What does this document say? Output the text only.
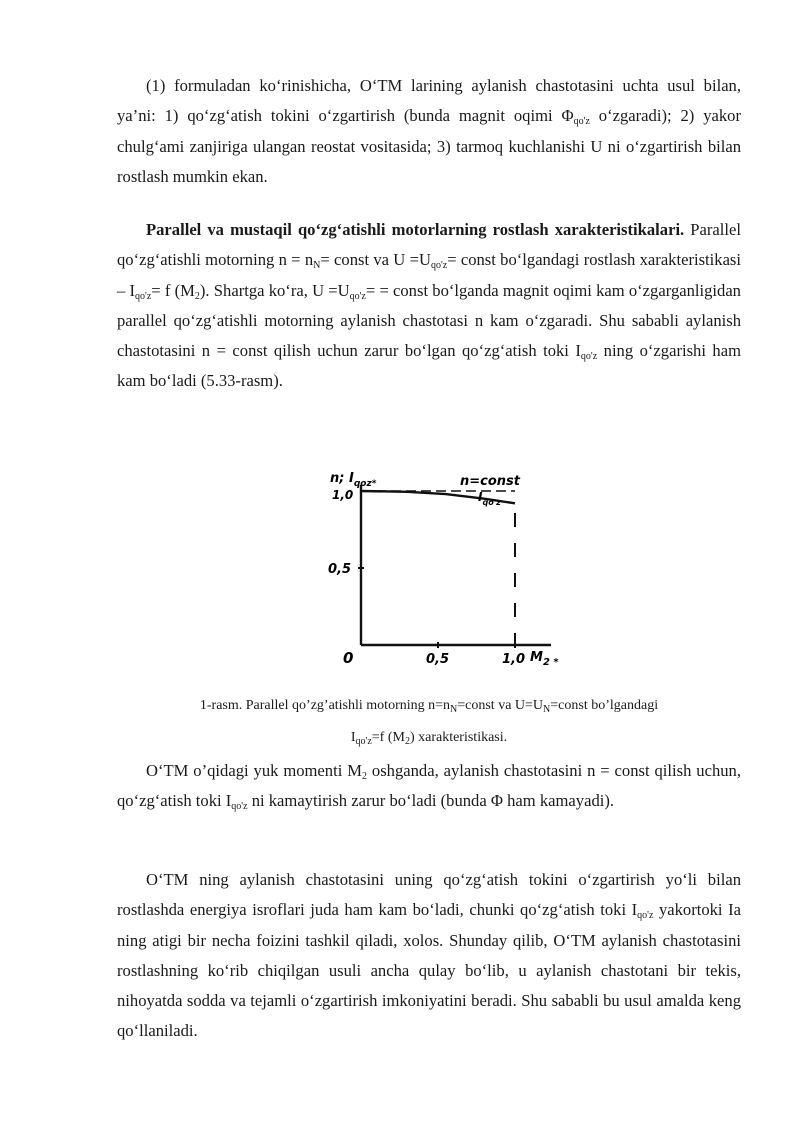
(1) formuladan ko‘rinishicha, O‘TM larining aylanish chastotasini uchta usul bilan, ya’ni: 1) qo‘zg‘atish tokini o‘zgartirish (bunda magnit oqimi $\Phi_{qo'z}$ o‘zgaradi); 2) yakor chulg‘ami zanjiriga ulangan reostat vositasida; 3) tarmoq kuchlanishi U ni o‘zgartirish bilan rostlash mumkin ekan.

Parallel va mustaqil qo‘zg‘atishli motorlarning rostlash xarakteristikalari. Parallel qo‘zg‘atishli motorning $n = n_N=$ const va $U =U_{qo'z}=$ const bo‘lgandagi rostlash xarakteristikasi – $I_{qo'z}= f$ $(M_2)$. Shartga ko‘ra, $U =U_{qo'z}=$ = const bo‘lganda magnit oqimi kam o‘zgarganligidan parallel qo‘zg‘atishli motorning aylanish chastotasi n kam o‘zgaradi. Shu sababli aylanish chastotasini n = const qilish uchun zarur bo‘lgan qo‘zg‘atish toki $I_{qo'z}$ ning o‘zgarishi ham kam bo‘ladi (5.33-rasm).

n; $I_{qoz*}$
1,0
0,5
0	0,5	1,0 $M_{2 *}$
n=const
$I_{qo'z}$

1-rasm. Parallel qo’zg’atishli motorning $n=n_N=const$ va $U=U_N=const$ bo’lgandagi

$I_{qo'z}=f$ $(M_2)$ xarakteristikasi.

O‘TM o’qidagi yuk momenti $M_2$ oshganda, aylanish chastotasini n = const qilish uchun, qo‘zg‘atish toki $I_{qo'z}$ ni kamaytirish zarur bo‘ladi (bunda Φ ham kamayadi).

O‘TM ning aylanish chastotasini uning qo‘zg‘atish tokini o‘zgartirish yo‘li bilan rostlashda energiya isroflari juda ham kam bo‘ladi, chunki qo‘zg‘atish toki $I_{qo'z}$ yakortoki Ia ning atigi bir necha foizini tashkil qiladi, xolos. Shunday qilib, O‘TM aylanish chastotasini rostlashning ko‘rib chiqilgan usuli ancha qulay bo‘lib, u aylanish chastotani bir tekis, nihoyatda sodda va tejamli o‘zgartirish imkoniyatini beradi. Shu sababli bu usul amalda keng qo‘llaniladi.
